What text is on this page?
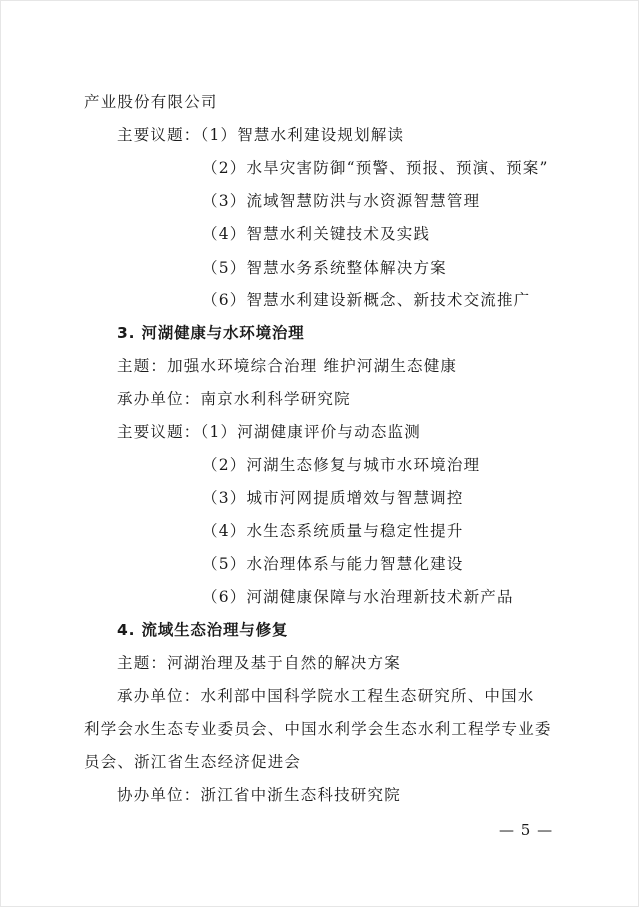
产业股份有限公司
主要议题：（1）智慧水利建设规划解读
（2）水旱灾害防御“预警、预报、预演、预案”
（3）流域智慧防洪与水资源智慧管理
（4）智慧水利关键技术及实践
（5）智慧水务系统整体解决方案
（6）智慧水利建设新概念、新技术交流推广
3. 河湖健康与水环境治理
主题：加强水环境综合治理 维护河湖生态健康
承办单位：南京水利科学研究院
主要议题：（1）河湖健康评价与动态监测
（2）河湖生态修复与城市水环境治理
（3）城市河网提质增效与智慧调控
（4）水生态系统质量与稳定性提升
（5）水治理体系与能力智慧化建设
（6）河湖健康保障与水治理新技术新产品
4. 流域生态治理与修复
主题：河湖治理及基于自然的解决方案
承办单位：水利部中国科学院水工程生态研究所、中国水
利学会水生态专业委员会、中国水利学会生态水利工程学专业委
员会、浙江省生态经济促进会
协办单位：浙江省中浙生态科技研究院
— 5 —
